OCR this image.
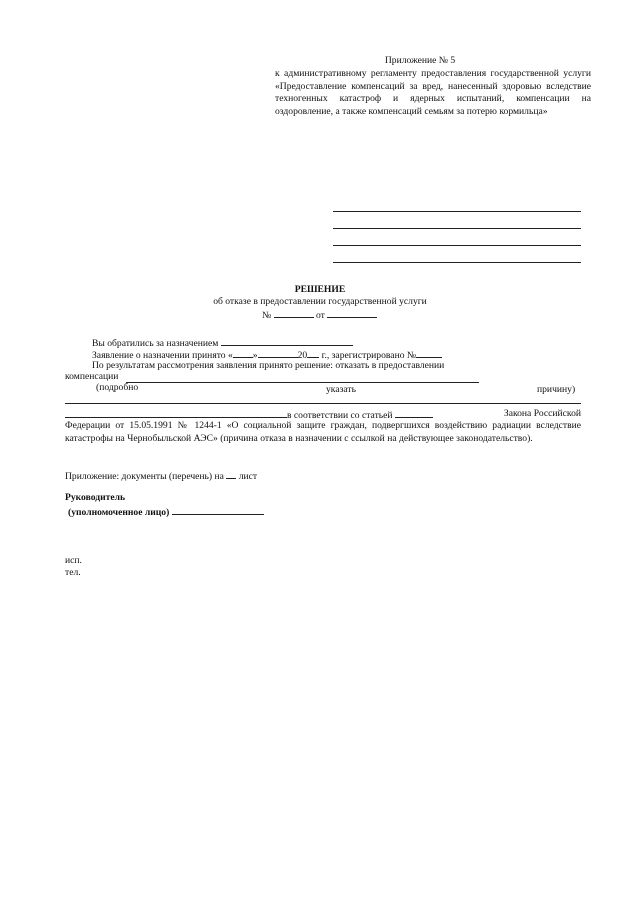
Приложение № 5
к административному регламенту предоставления государственной услуги «Предоставление компенсаций за вред, нанесенный здоровью вследствие техногенных катастроф и ядерных испытаний, компенсации на оздоровление, а также компенсаций семьям за потерю кормильца»
РЕШЕНИЕ
об отказе в предоставлении государственной услуги
№	от
Вы обратились за назначением
Заявление о назначении принято « »	20 г., зарегистрировано №
По результатам рассмотрения заявления принято решение: отказать в предоставлении
компенсации
(подробно	указать	причину)
в соответствии со статьей	Закона Российской
Федерации от 15.05.1991 № 1244-1 «О социальной защите граждан, подвергшихся воздействию радиации вследствие катастрофы на Чернобыльской АЭС» (причина отказа в назначении с ссылкой на действующее законодательство).
Приложение: документы (перечень) на лист
Руководитель
(уполномоченное лицо)
исп.
тел.
